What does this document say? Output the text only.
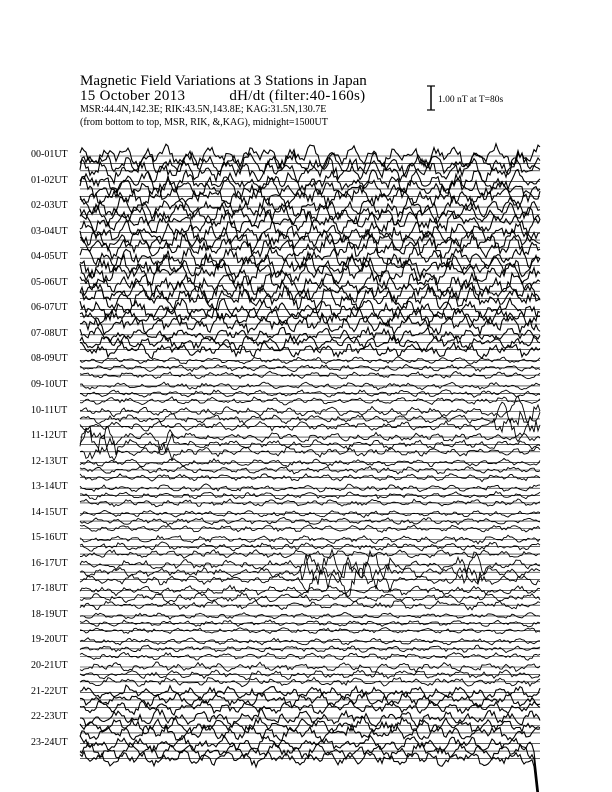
Magnetic Field Variations at 3 Stations in Japan
15 October 2013	dH/dt (filter:40-160s)
MSR:44.4N,142.3E; RIK:43.5N,143.8E; KAG:31.5N,130.7E
(from bottom to top, MSR, RIK, &,KAG), midnight=1500UT
1.00 nT at T=80s
00-01UT
01-02UT
02-03UT
03-04UT
04-05UT
05-06UT
06-07UT
07-08UT
08-09UT
09-10UT
10-11UT
11-12UT
12-13UT
13-14UT
14-15UT
15-16UT
16-17UT
17-18UT
18-19UT
19-20UT
20-21UT
21-22UT
22-23UT
23-24UT
